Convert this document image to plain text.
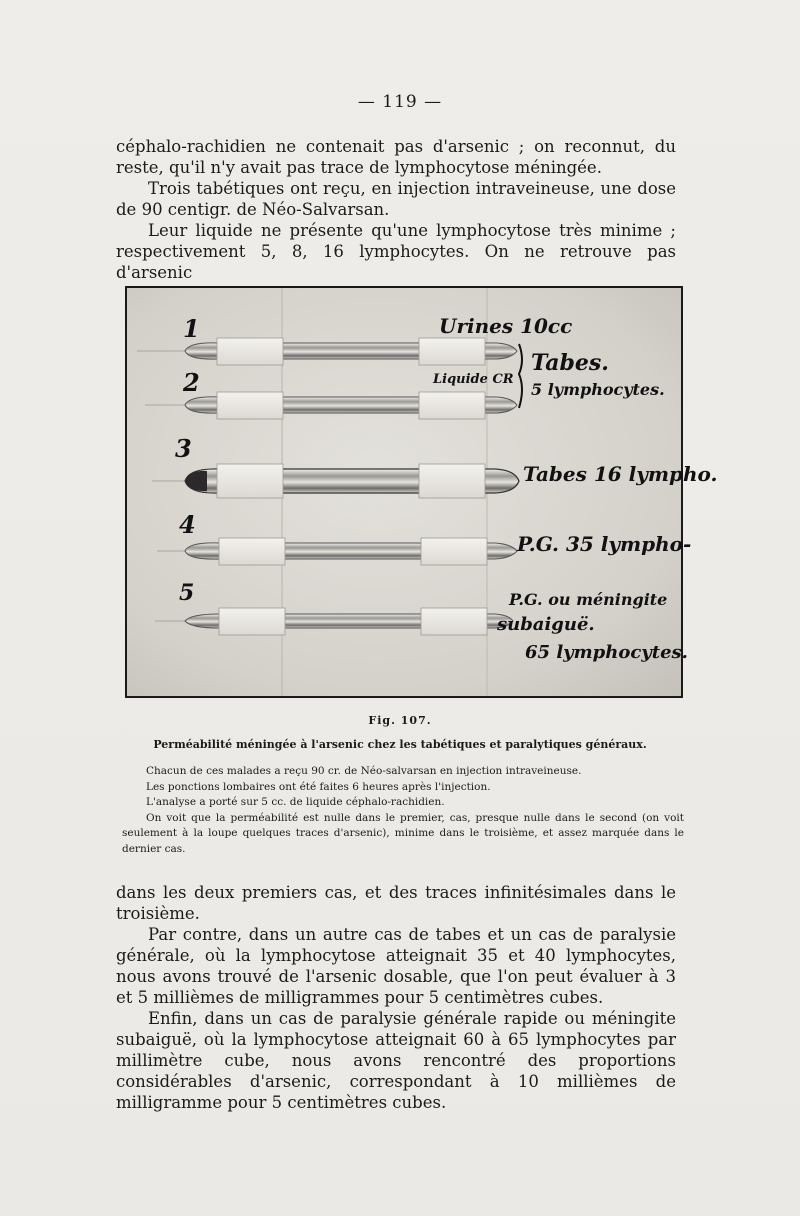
— 119 —

céphalo-rachidien ne contenait pas d'arsenic ; on reconnut, du reste, qu'il n'y avait pas trace de lymphocytose méningée.

Trois tabétiques ont reçu, en injection intraveineuse, une dose de 90 centigr. de Néo-Salvarsan.

Leur liquide ne présente qu'une lymphocytose très minime ; respectivement 5, 8, 16 lymphocytes. On ne retrouve pas d'arsenic

1
2
3
4
5
Urines 10cc
Liquide CR
Tabes.
5 lymphocytes.
Tabes 16 lympho.
P.G. 35 lympho-
P.G. ou méningite
subaiguë.
65 lymphocytes.
Fig. 107.
Perméabilité méningée à l'arsenic chez les tabétiques et paralytiques généraux.

Chacun de ces malades a reçu 90 cr. de Néo-salvarsan en injection intraveineuse.

Les ponctions lombaires ont été faites 6 heures après l'injection.

L'analyse a porté sur 5 cc. de liquide céphalo-rachidien.

On voit que la perméabilité est nulle dans le premier, cas, presque nulle dans le second (on voit seulement à la loupe quelques traces d'arsenic), minime dans le troisième, et assez marquée dans le dernier cas.

dans les deux premiers cas, et des traces infinitésimales dans le troisième.

Par contre, dans un autre cas de tabes et un cas de paralysie générale, où la lymphocytose atteignait 35 et 40 lymphocytes, nous avons trouvé de l'arsenic dosable, que l'on peut évaluer à 3 et 5 millièmes de milligrammes pour 5 centimètres cubes.

Enfin, dans un cas de paralysie générale rapide ou méningite subaiguë, où la lymphocytose atteignait 60 à 65 lymphocytes par millimètre cube, nous avons rencontré des proportions considérables d'arsenic, correspondant à 10 millièmes de milligramme pour 5 centimètres cubes.
